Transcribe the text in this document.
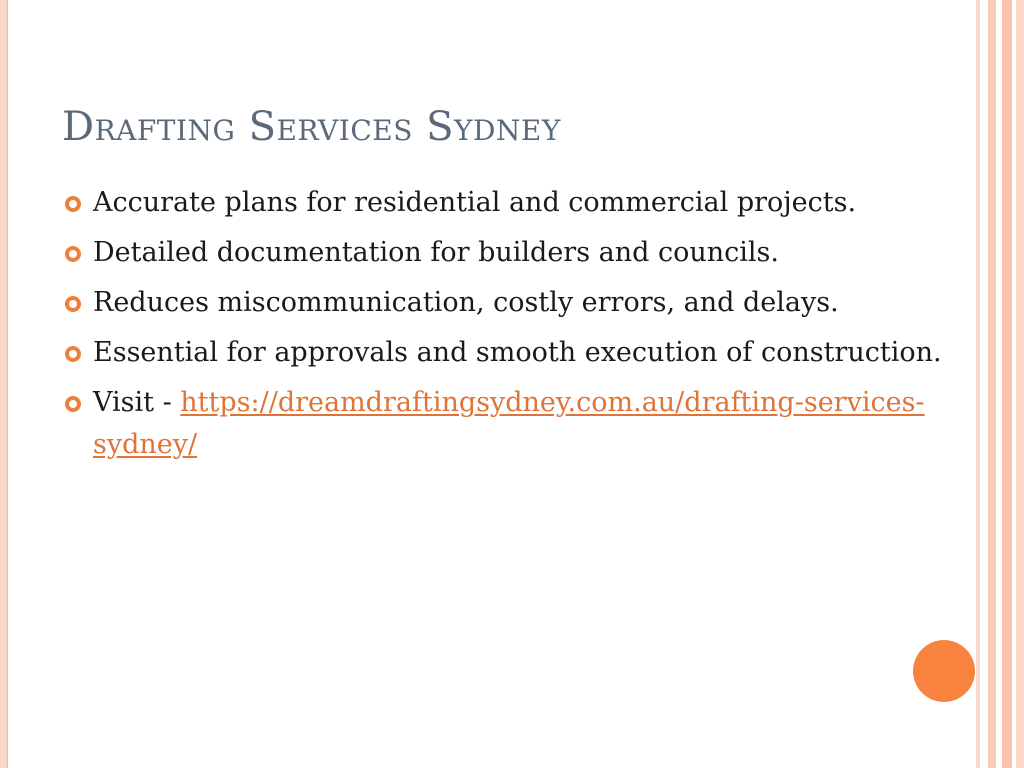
Drafting Services Sydney
Accurate plans for residential and commercial projects.
Detailed documentation for builders and councils.
Reduces miscommunication, costly errors, and delays.
Essential for approvals and smooth execution of construction.
Visit - https://dreamdraftingsydney.com.au/drafting-services-sydney/
